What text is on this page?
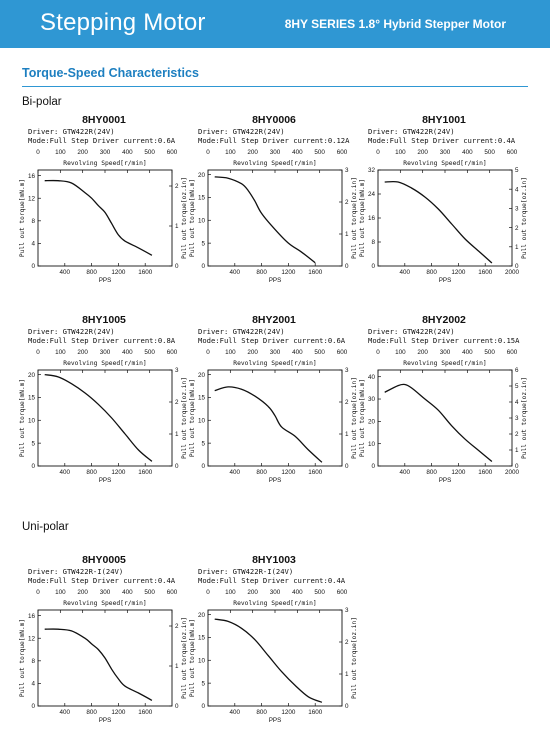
Stepping Motor	8HY SERIES 1.8° Hybrid Stepper Motor
Torque-Speed Characteristics
Bi-polar
Uni-polar
8HY0001
Driver: GTW422R(24V)
Mode:Full Step Driver current:0.6A
0 100 200 300 400 500 600
Revolving Speed[r/min]
400	800 1200 1600
PPS
0
4
8
12
16
Pull out torque[mN.m]
0
1
2 Pull out torque[oz.in]
8HY0006
Driver: GTW422R(24V)
Mode:Full Step Driver current:0.12A
0 100 200 300 400 500 600
Revolving Speed[r/min]
400	800 1200 1600
PPS
0
5
10
15
20
Pull out torque[mN.m]
0
1
2
3
Pull out torque[oz.in]
8HY1001
Driver: GTW422R(24V)
Mode:Full Step Driver current:0.4A
0 100 200 300 400 500 600
Revolving Speed[r/min]
400	800 1200 1600 2000
PPS
0
8
16
24
32
Pull out torque[mN.m]
0
1
2
3
4
5
Pull out torque[oz.in]
8HY1005
Driver: GTW422R(24V)
Mode:Full Step Driver current:0.8A
0 100 200 300 400 500 600
Revolving Speed[r/min]
400	800 1200 1600
PPS
0
5
10
15
20
Pull out torque[mN.m]
0
1
2
3
Pull out torque[oz.in]
8HY2001
Driver: GTW422R(24V)
Mode:Full Step Driver current:0.6A
0 100 200 300 400 500 600
Revolving Speed[r/min]
400	800 1200 1600
PPS
0
5
10
15
20
Pull out torque[mN.m]
0
1
2
3
Pull out torque[oz.in]
8HY2002
Driver: GTW422R(24V)
Mode:Full Step Driver current:0.15A
0 100 200 300 400 500 600
Revolving Speed[r/min]
400	800 1200 1600 2000
PPS
0
10
20
30
40
Pull out torque[mN.m]
0
1
2
3
4
5
6
Pull out torque[oz.in]
8HY0005
Driver: GTW422R-I(24V)
Mode:Full Step Driver current:0.4A
0 100 200 300 400 500 600
Revolving Speed[r/min]
400	800 1200 1600
PPS
0
4
8
12
16
Pull out torque[mN.m]
0
1
2 Pull out torque[oz.in]
8HY1003
Driver: GTW422R-I(24V)
Mode:Full Step Driver current:0.4A
0 100 200 300 400 500 600
Revolving Speed[r/min]
400	800 1200 1600
PPS
0
5
10
15
20
Pull out torque[mN.m]
0
1
2
3
Pull out torque[oz.in]
